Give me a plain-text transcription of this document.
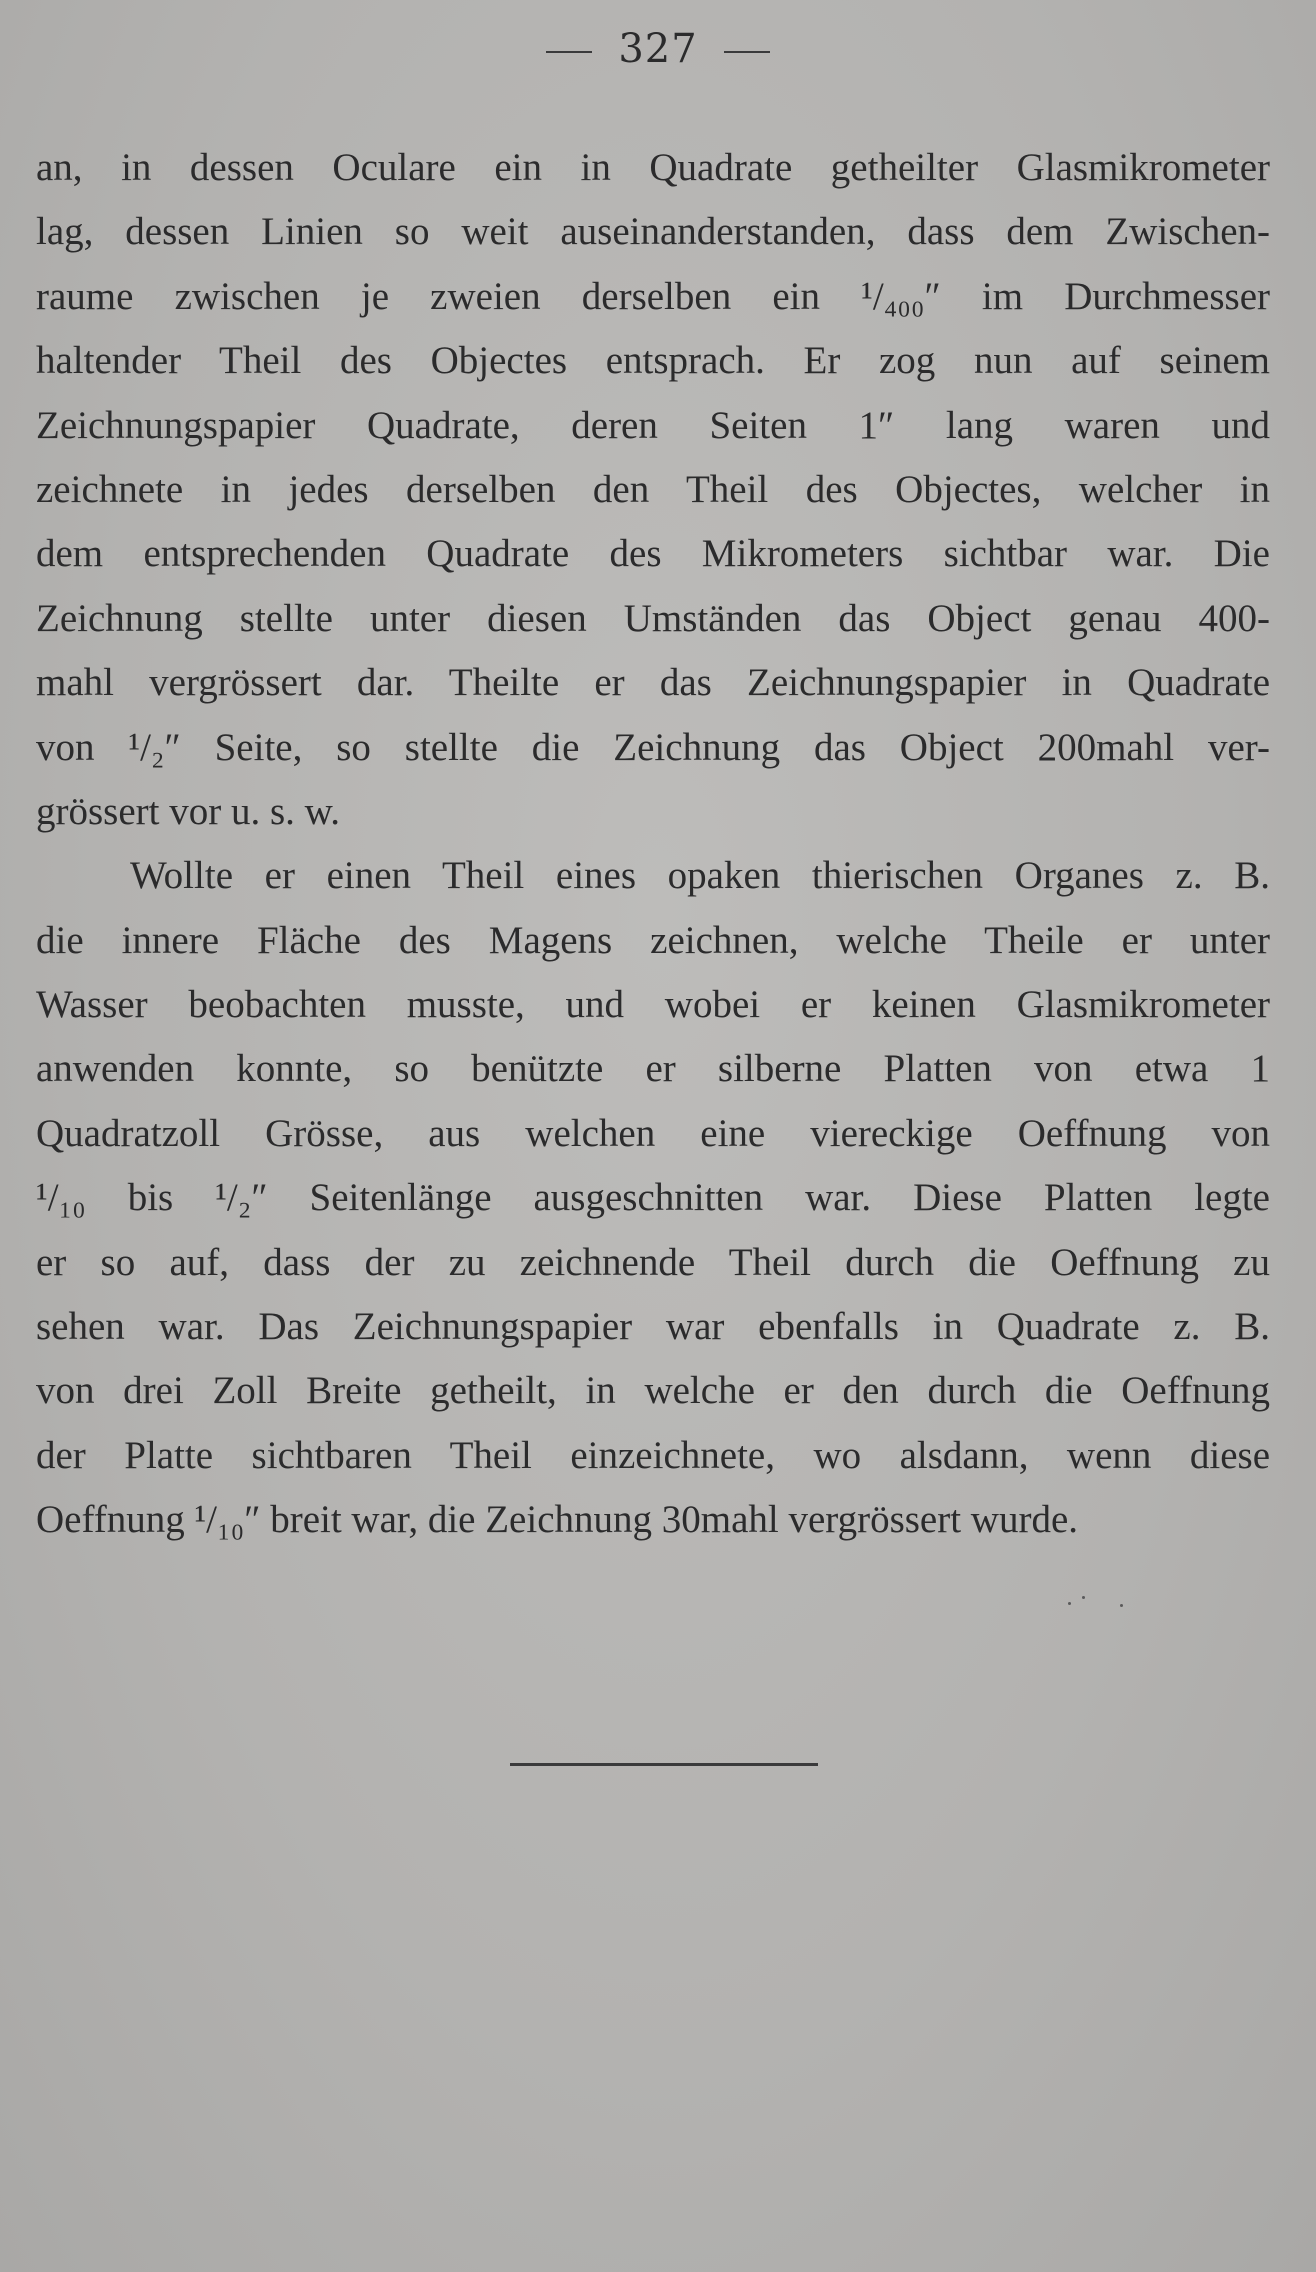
327
an, in dessen Oculare ein in Quadrate getheilter Glasmikrometer
lag, dessen Linien so weit auseinanderstanden, dass dem Zwischen-
raume zwischen je zweien derselben ein ¹/₄₀₀″ im Durchmesser
haltender Theil des Objectes entsprach. Er zog nun auf seinem
Zeichnungspapier Quadrate, deren Seiten 1″ lang waren und
zeichnete in jedes derselben den Theil des Objectes, welcher in
dem entsprechenden Quadrate des Mikrometers sichtbar war. Die
Zeichnung stellte unter diesen Umständen das Object genau 400-
mahl vergrössert dar. Theilte er das Zeichnungspapier in Quadrate
von ¹/₂″ Seite, so stellte die Zeichnung das Object 200mahl ver-
grössert vor u. s. w.
Wollte er einen Theil eines opaken thierischen Organes z. B.
die innere Fläche des Magens zeichnen, welche Theile er unter
Wasser beobachten musste, und wobei er keinen Glasmikrometer
anwenden konnte, so benützte er silberne Platten von etwa 1
Quadratzoll Grösse, aus welchen eine viereckige Oeffnung von
¹/₁₀ bis ¹/₂″ Seitenlänge ausgeschnitten war. Diese Platten legte
er so auf, dass der zu zeichnende Theil durch die Oeffnung zu
sehen war. Das Zeichnungspapier war ebenfalls in Quadrate z. B.
von drei Zoll Breite getheilt, in welche er den durch die Oeffnung
der Platte sichtbaren Theil einzeichnete, wo alsdann, wenn diese
Oeffnung ¹/₁₀″ breit war, die Zeichnung 30mahl vergrössert wurde.
